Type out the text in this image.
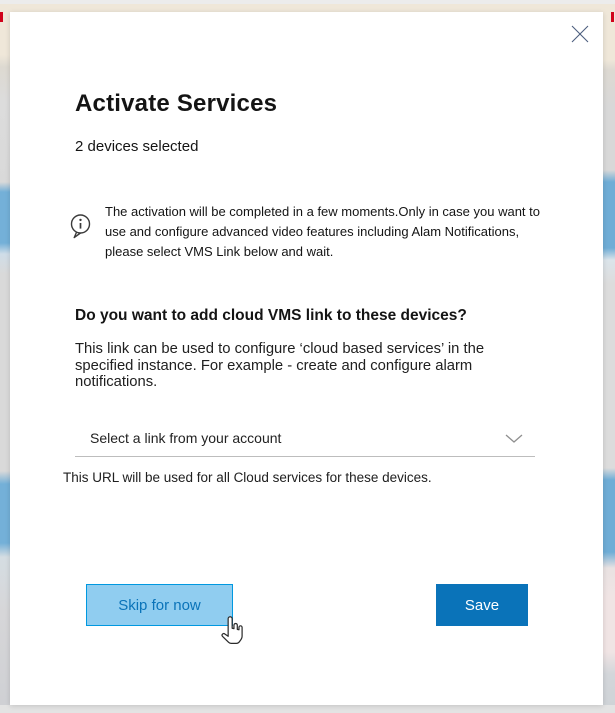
Activate Services
2 devices selected
The activation will be completed in a few moments.Only in case you want to use and configure advanced video features including Alam Notifications, please select VMS Link below and wait.
Do you want to add cloud VMS link to these devices?
This link can be used to configure ‘cloud based services’ in the specified instance. For example - create and configure alarm notifications.
Select a link from your account
This URL will be used for all Cloud services for these devices.
Skip for now	Save
